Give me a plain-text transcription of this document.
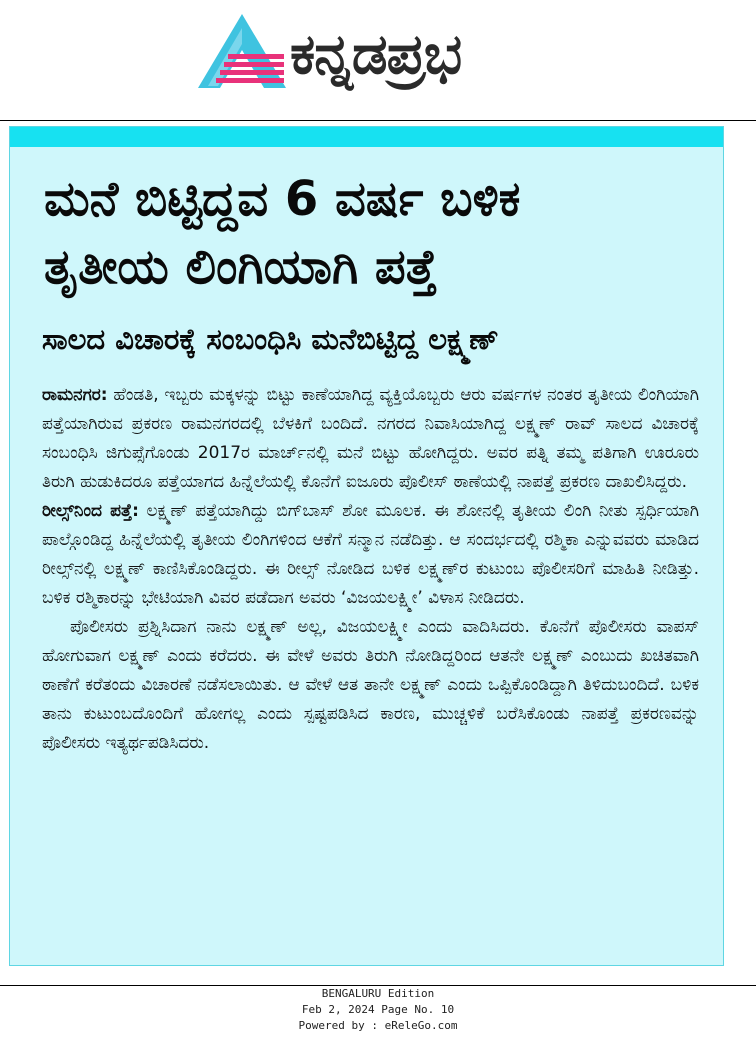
ಕನ್ನಡಪ್ರಭ
ಮನೆ ಬಿಟ್ಟಿದ್ದವ 6 ವರ್ಷ ಬಳಿಕ
ತೃತೀಯ ಲಿಂಗಿಯಾಗಿ ಪತ್ತೆ
ಸಾಲದ ವಿಚಾರಕ್ಕೆ ಸಂಬಂಧಿಸಿ ಮನೆಬಿಟ್ಟಿದ್ದ ಲಕ್ಷ್ಮಣ್

ರಾಮನಗರ: ಹೆಂಡತಿ, ಇಬ್ಬರು ಮಕ್ಕಳನ್ನು ಬಿಟ್ಟು ಕಾಣೆಯಾಗಿದ್ದ ವ್ಯಕ್ತಿಯೊಬ್ಬರು ಆರು ವರ್ಷಗಳ ನಂತರ ತೃತೀಯ ಲಿಂಗಿಯಾಗಿ ಪತ್ತೆಯಾಗಿರುವ ಪ್ರಕರಣ ರಾಮನಗರದಲ್ಲಿ ಬೆಳಕಿಗೆ ಬಂದಿದೆ. ನಗರದ ನಿವಾಸಿಯಾಗಿದ್ದ ಲಕ್ಷ್ಮಣ್ ರಾವ್ ಸಾಲದ ವಿಚಾರಕ್ಕೆ ಸಂಬಂಧಿಸಿ ಜಿಗುಪ್ಸೆಗೊಂಡು 2017ರ ಮಾರ್ಚ್‌ನಲ್ಲಿ ಮನೆ ಬಿಟ್ಟು ಹೋಗಿದ್ದರು. ಅವರ ಪತ್ನಿ ತಮ್ಮ ಪತಿಗಾಗಿ ಊರೂರು ತಿರುಗಿ ಹುಡುಕಿದರೂ ಪತ್ತೆಯಾಗದ ಹಿನ್ನೆಲೆಯಲ್ಲಿ ಕೊನೆಗೆ ಐಜೂರು ಪೊಲೀಸ್ ಠಾಣೆಯಲ್ಲಿ ನಾಪತ್ತೆ ಪ್ರಕರಣ ದಾಖಲಿಸಿದ್ದರು.

ರೀಲ್ಸ್‌ನಿಂದ ಪತ್ತೆ: ಲಕ್ಷ್ಮಣ್ ಪತ್ತೆಯಾಗಿದ್ದು ಬಿಗ್‌ಬಾಸ್ ಶೋ ಮೂಲಕ. ಈ ಶೋನಲ್ಲಿ ತೃತೀಯ ಲಿಂಗಿ ನೀತು ಸ್ಪರ್ಧಿಯಾಗಿ ಪಾಲ್ಗೊಂಡಿದ್ದ ಹಿನ್ನೆಲೆಯಲ್ಲಿ ತೃತೀಯ ಲಿಂಗಿಗಳಿಂದ ಆಕೆಗೆ ಸನ್ಮಾನ ನಡೆದಿತ್ತು. ಆ ಸಂದರ್ಭದಲ್ಲಿ ರಶ್ಮಿಕಾ ಎನ್ನುವವರು ಮಾಡಿದ ರೀಲ್ಸ್‌ನಲ್ಲಿ ಲಕ್ಷ್ಮಣ್ ಕಾಣಿಸಿಕೊಂಡಿದ್ದರು. ಈ ರೀಲ್ಸ್ ನೋಡಿದ ಬಳಿಕ ಲಕ್ಷ್ಮಣ್‌ರ ಕುಟುಂಬ ಪೊಲೀಸರಿಗೆ ಮಾಹಿತಿ ನೀಡಿತ್ತು. ಬಳಿಕ ರಶ್ಮಿಕಾರನ್ನು ಭೇಟಿಯಾಗಿ ವಿವರ ಪಡೆದಾಗ ಅವರು ‘ವಿಜಯಲಕ್ಷ್ಮೀ’ ವಿಳಾಸ ನೀಡಿದರು.

ಪೊಲೀಸರು ಪ್ರಶ್ನಿಸಿದಾಗ ನಾನು ಲಕ್ಷ್ಮಣ್ ಅಲ್ಲ, ವಿಜಯಲಕ್ಷ್ಮೀ ಎಂದು ವಾದಿಸಿದರು. ಕೊನೆಗೆ ಪೊಲೀಸರು ವಾಪಸ್ ಹೋಗುವಾಗ ಲಕ್ಷ್ಮಣ್ ಎಂದು ಕರೆದರು. ಈ ವೇಳೆ ಅವರು ತಿರುಗಿ ನೋಡಿದ್ದರಿಂದ ಆತನೇ ಲಕ್ಷ್ಮಣ್ ಎಂಬುದು ಖಚಿತವಾಗಿ ಠಾಣೆಗೆ ಕರೆತಂದು ವಿಚಾರಣೆ ನಡೆಸಲಾಯಿತು. ಆ ವೇಳೆ ಆತ ತಾನೇ ಲಕ್ಷ್ಮಣ್ ಎಂದು ಒಪ್ಪಿಕೊಂಡಿದ್ದಾಗಿ ತಿಳಿದುಬಂದಿದೆ. ಬಳಿಕ ತಾನು ಕುಟುಂಬದೊಂದಿಗೆ ಹೋಗಲ್ಲ ಎಂದು ಸ್ಪಷ್ಟಪಡಿಸಿದ ಕಾರಣ, ಮುಚ್ಚಳಿಕೆ ಬರೆಸಿಕೊಂಡು ನಾಪತ್ತೆ ಪ್ರಕರಣವನ್ನು ಪೊಲೀಸರು ಇತ್ಯರ್ಥಪಡಿಸಿದರು.

BENGALURU Edition
Feb 2, 2024 Page No. 10
Powered by : eReleGo.com
